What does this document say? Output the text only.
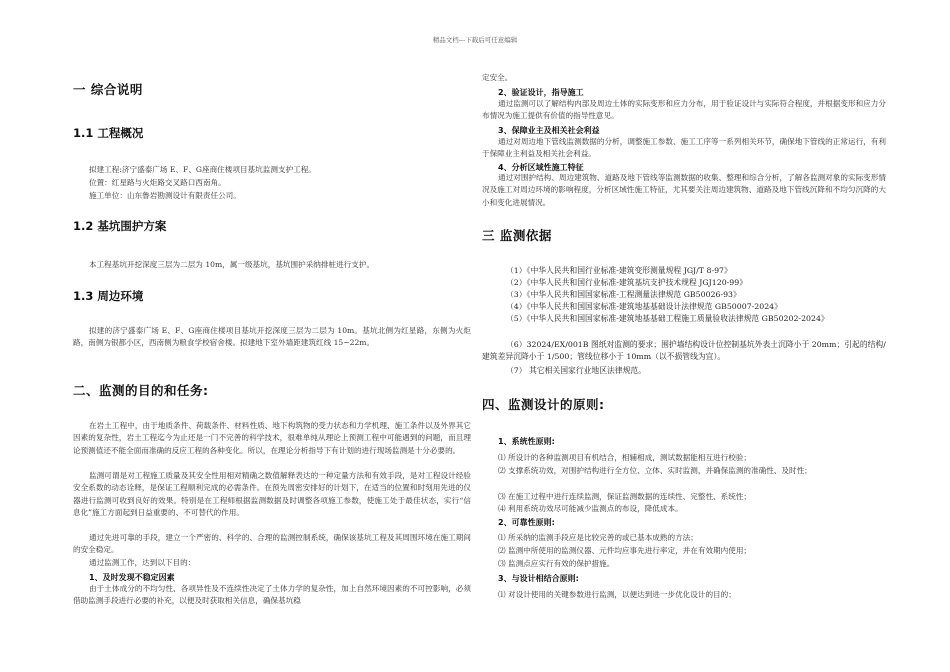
精品文档---下载后可任意编辑
一 综合说明
1.1 工程概况
拟建工程:济宁盛泰广场 E、F、G座商住楼项目基坑监测支护工程。
位置：红星路与火炬路交叉路口西南角。
施工单位：山东鲁岩勘测设计有限责任公司。
1.2 基坑围护方案
本工程基坑开挖深度三层为二层为 10m，属一级基坑，基坑围护采纳排桩进行支护。
1.3 周边环境
拟建的济宁盛泰广场 E、F、G座商住楼项目基坑开挖深度三层为二层为 10m。基坑北侧为红星路，东侧为火炬路，南侧为银都小区，西南侧为粮食学校宿舍楼。拟建地下室外墙距建筑红线 15~22m。
二、监测的目的和任务:
在岩土工程中，由于地质条件、荷载条件、材料性质、地下构筑物的受力状态和力学机理、施工条件以及外界其它因素的复杂性，岩土工程迄今为止还是一门不完善的科学技术，很难单纯从理论上预测工程中可能遇到的问题，而且理论预测值还不能全面而准确的反应工程的各种变化。所以，在理论分析指导下有计划的进行现场监测是十分必要的。
监测可谓是对工程施工质量及其安全性用相对精确之数值解释表达的一种定量方法和有效手段，是对工程设计经验安全系数的动态诠释，是保证工程顺利完成的必需条件。在预先周密安排好的计划下，在适当的位置和时刻用先进的仪器进行监测可收到良好的效果。特别是在工程师根据监测数据及时调整各项施工参数，使施工处于最佳状态，实行“信息化”施工方面起到日益重要的、不可替代的作用。
通过先进可靠的手段，建立一个严密的、科学的、合理的监测控制系统，确保该基坑工程及其周围环境在施工期间的安全稳定。
通过监测工作，达到以下目的：
1、及时发现不稳定因素
由于土体成分的不均匀性、各项异性及不连续性决定了土体力学的复杂性，加上自然环境因素的不可控影响，必须借助监测手段进行必要的补充，以便及时获取相关信息，确保基坑稳
定安全。
2、验证设计，指导施工
通过监测可以了解结构内部及周边土体的实际变形和应力分布，用于验证设计与实际符合程度，并根据变形和应力分布情况为施工提供有价值的指导性意见。
3、保障业主及相关社会利益
通过对周边地下管线监测数据的分析，调整施工参数、施工工序等一系列相关环节，确保地下管线的正常运行，有利于保障业主利益及相关社会利益。
4、分析区域性施工特征
通过对围护结构、周边建筑物、道路及地下管线等监测数据的收集、整理和综合分析，了解各监测对象的实际变形情况及施工对周边环境的影响程度，分析区域性施工特征，尤其要关注周边建筑物、道路及地下管线沉降和不均匀沉降的大小和变化进展情况。
三 监测依据
（1）《中华人民共和国行业标准-建筑变形测量规程 JGJ/T 8-97》
（2）《中华人民共和国行业标准-建筑基坑支护技术规程 JGJ120-99》
（3）《中华人民共和国国家标准-工程测量法律规范 GB50026-93》
（4）《中华人民共和国国家标准-建筑地基基础设计法律规范 GB50007-2024》
（5）《中华人民共和国国家标准-建筑地基基础工程施工质量验收法律规范 GB50202-2024》
（6）32024/EX/001B 图纸对监测的要求；围护墙结构设计位控制基坑外表土沉降小于 20mm；引起的结构/建筑差异沉降小于 1/500；管线位移小于 10mm（以不损管线为宜）。
（7） 其它相关国家行业地区法律规范。
四、监测设计的原则:
1、系统性原则:
⑴ 所设计的各种监测项目有机结合，相辅相成，测试数据能相互进行校验；
⑵ 支撑系统功效，对围护结构进行全方位、立体、实时监测，并确保监测的准确性、及时性；
⑶ 在施工过程中进行连续监测，保证监测数据的连续性、完整性、系统性；
⑷ 利用系统功效尽可能减少监测点的布设，降低成本。
2、可靠性原则:
⑴ 所采纳的监测手段应是比较完善的或已基本成熟的方法；
⑵ 监测中所使用的监测仪器、元件均应事先进行率定，并在有效期内使用；
⑶ 监测点应实行有效的保护措施。
3、与设计相结合原则:
⑴ 对设计使用的关键参数进行监测，以便达到进一步优化设计的目的；
